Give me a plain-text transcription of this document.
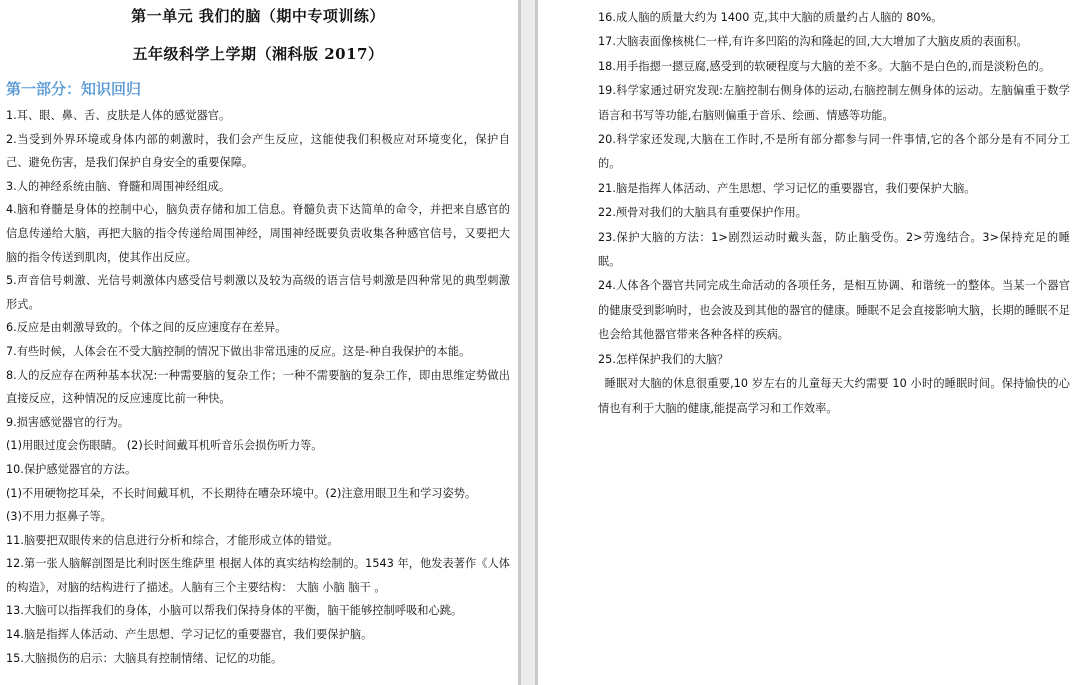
第一单元 我们的脑（期中专项训练）
五年级科学上学期（湘科版 2017）
第一部分：知识回归

1.耳、眼、鼻、舌、皮肤是人体的感觉器官。

2.当受到外界环境或身体内部的刺激时，我们会产生反应，这能使我们积极应对环境变化，保护自己、避免伤害，是我们保护自身安全的重要保障。

3.人的神经系统由脑、脊髓和周围神经组成。

4.脑和脊髓是身体的控制中心，脑负责存储和加工信息。脊髓负责下达简单的命令，并把来自感官的信息传递给大脑，再把大脑的指令传递给周围神经，周围神经既要负责收集各种感官信号，又要把大脑的指令传送到肌肉，使其作出反应。

5.声音信号刺激、光信号刺激体内感受信号刺激以及较为高级的语言信号刺激是四种常见的典型刺激形式。

6.反应是由刺激导致的。个体之间的反应速度存在差异。

7.有些时候，人体会在不受大脑控制的情况下做出非常迅速的反应。这是-种自我保护的本能。

8.人的反应存在两种基本状况:一种需要脑的复杂工作；一种不需要脑的复杂工作，即由思维定势做出直接反应，这种情况的反应速度比前一种快。

9.损害感觉器官的行为。

(1)用眼过度会伤眼睛。 (2)长时间戴耳机听音乐会损伤听力等。

10.保护感觉器官的方法。

(1)不用硬物挖耳朵，不长时间戴耳机，不长期待在嘈杂环境中。(2)注意用眼卫生和学习姿势。

(3)不用力抠鼻子等。

11.脑要把双眼传来的信息进行分析和综合，才能形成立体的错觉。

12.第一张人脑解剖图是比利时医生维萨里 根据人体的真实结构绘制的。1543 年，他发表著作《人体的构造》，对脑的结构进行了描述。人脑有三个主要结构： 大脑 小脑 脑干 。

13.大脑可以指挥我们的身体，小脑可以帮我们保持身体的平衡，脑干能够控制呼吸和心跳。

14.脑是指挥人体活动、产生思想、学习记忆的重要器官，我们要保护脑。

15.大脑损伤的启示：大脑具有控制情绪、记忆的功能。

16.成人脑的质量大约为 1400 克,其中大脑的质量约占人脑的 80%。

17.大脑表面像核桃仁一样,有许多凹陷的沟和隆起的回,大大增加了大脑皮质的表面积。

18.用手指摁一摁豆腐,感受到的软硬程度与大脑的差不多。大脑不是白色的,而是淡粉色的。

19.科学家通过研究发现:左脑控制右侧身体的运动,右脑控制左侧身体的运动。左脑偏重于数学语言和书写等功能,右脑则偏重于音乐、绘画、情感等功能。

20.科学家还发现,大脑在工作时,不是所有部分都参与同一件事情,它的各个部分是有不同分工的。

21.脑是指挥人体活动、产生思想、学习记忆的重要器官，我们要保护大脑。

22.颅骨对我们的大脑具有重要保护作用。

23.保护大脑的方法：1>剧烈运动时戴头盔，防止脑受伤。2>劳逸结合。3>保持充足的睡眠。

24.人体各个器官共同完成生命活动的各项任务，是相互协调、和谐统一的整体。当某一个器官的健康受到影响时，也会波及到其他的器官的健康。睡眠不足会直接影响大脑，长期的睡眠不足也会给其他器官带来各种各样的疾病。

25.怎样保护我们的大脑？

睡眠对大脑的休息很重要,10 岁左右的儿童每天大约需要 10 小时的睡眠时间。保持愉快的心情也有利于大脑的健康,能提高学习和工作效率。
